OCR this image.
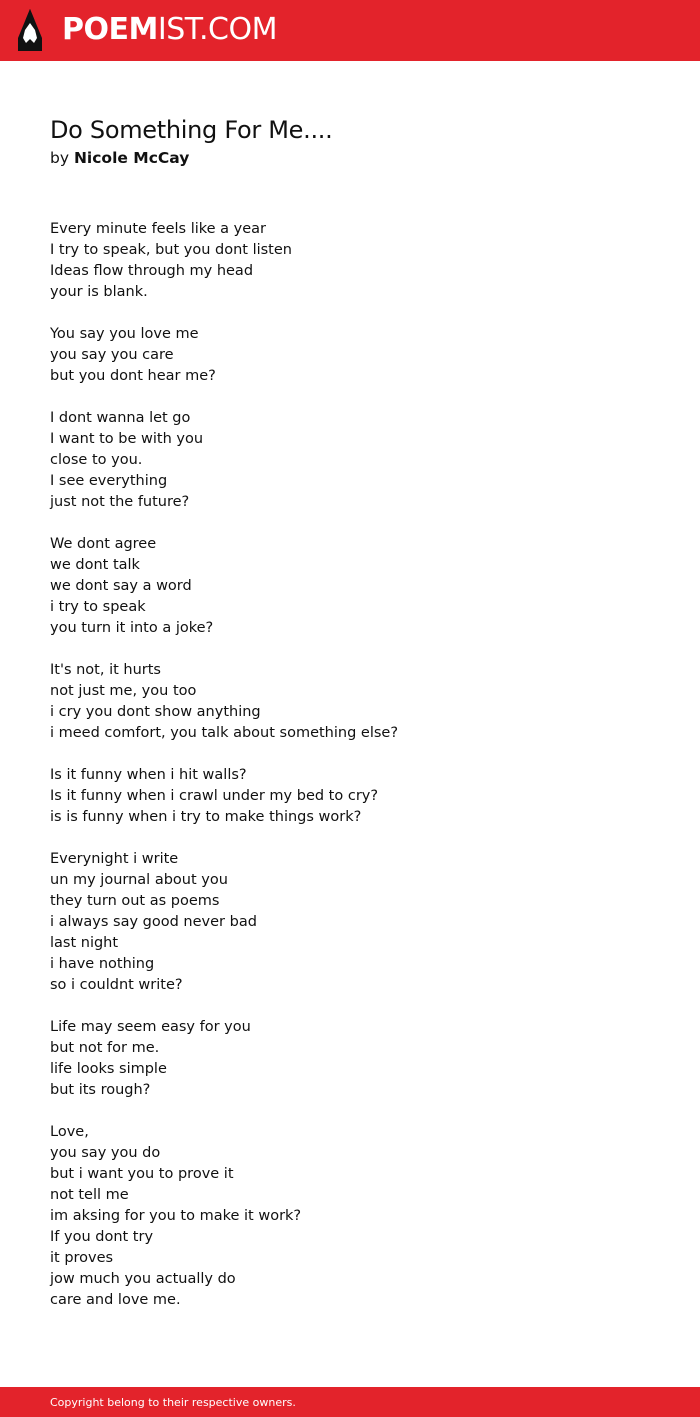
POEMIST.COM
Do Something For Me....
by Nicole McCay
Every minute feels like a year
I try to speak, but you dont listen
Ideas flow through my head
your is blank.
You say you love me
you say you care
but you dont hear me?
I dont wanna let go
I want to be with you
close to you.
I see everything
just not the future?
We dont agree
we dont talk
we dont say a word
i try to speak
you turn it into a joke?
It's not, it hurts
not just me, you too
i cry you dont show anything
i meed comfort, you talk about something else?
Is it funny when i hit walls?
Is it funny when i crawl under my bed to cry?
is is funny when i try to make things work?
Everynight i write
un my journal about you
they turn out as poems
i always say good never bad
last night
i have nothing
so i couldnt write?
Life may seem easy for you
but not for me.
life looks simple
but its rough?
Love,
you say you do
but i want you to prove it
not tell me
im aksing for you to make it work?
If you dont try
it proves
jow much you actually do
care and love me.
Copyright belong to their respective owners.
